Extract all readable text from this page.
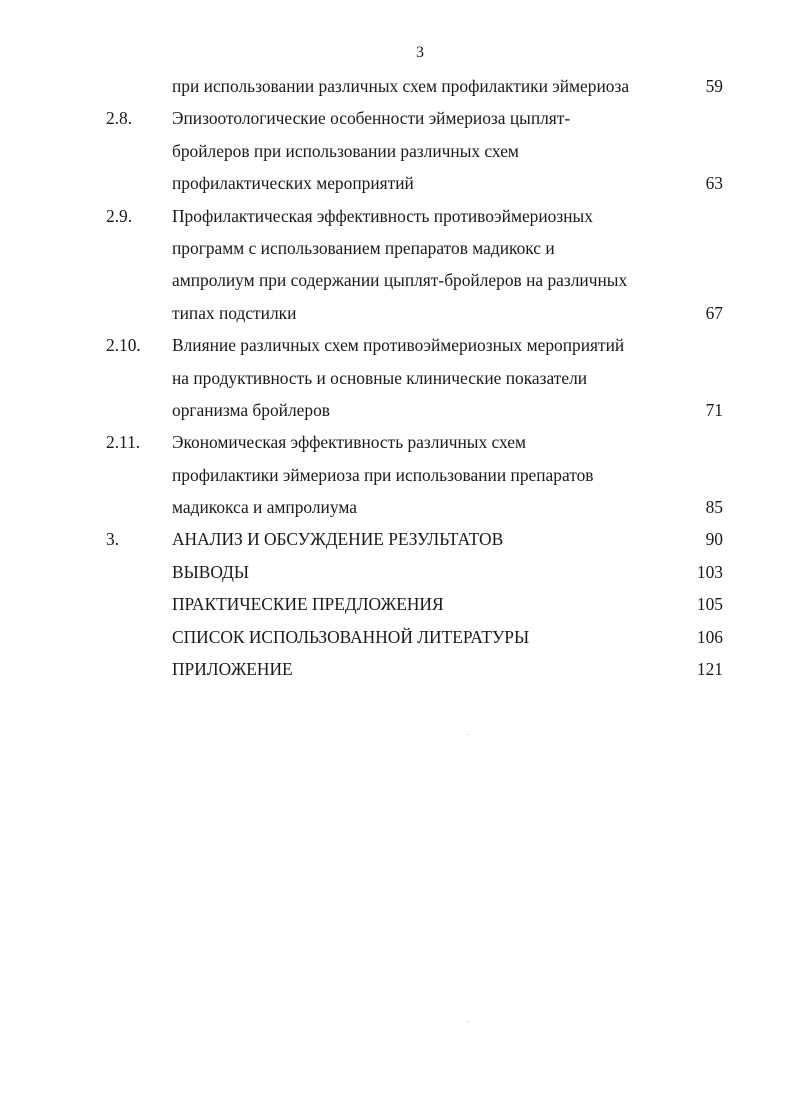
3
при использовании различных схем профилактики эймериоза	59
2.8. Эпизоотологические особенности эймериоза цыплят-
бройлеров при использовании различных схем
профилактических мероприятий	63
2.9. Профилактическая эффективность противоэймериозных
программ с использованием препаратов мадикокс и
ампролиум при содержании цыплят-бройлеров на различных
типах подстилки	67
2.10. Влияние различных схем противоэймериозных мероприятий
на продуктивность и основные клинические показатели
организма бройлеров	71
2.11. Экономическая эффективность различных схем
профилактики эймериоза при использовании препаратов
мадикокса и ампролиума	85
3.	АНАЛИЗ И ОБСУЖДЕНИЕ РЕЗУЛЬТАТОВ	90
ВЫВОДЫ	103
ПРАКТИЧЕСКИЕ ПРЕДЛОЖЕНИЯ	105
СПИСОК ИСПОЛЬЗОВАННОЙ ЛИТЕРАТУРЫ	106
ПРИЛОЖЕНИЕ	121
